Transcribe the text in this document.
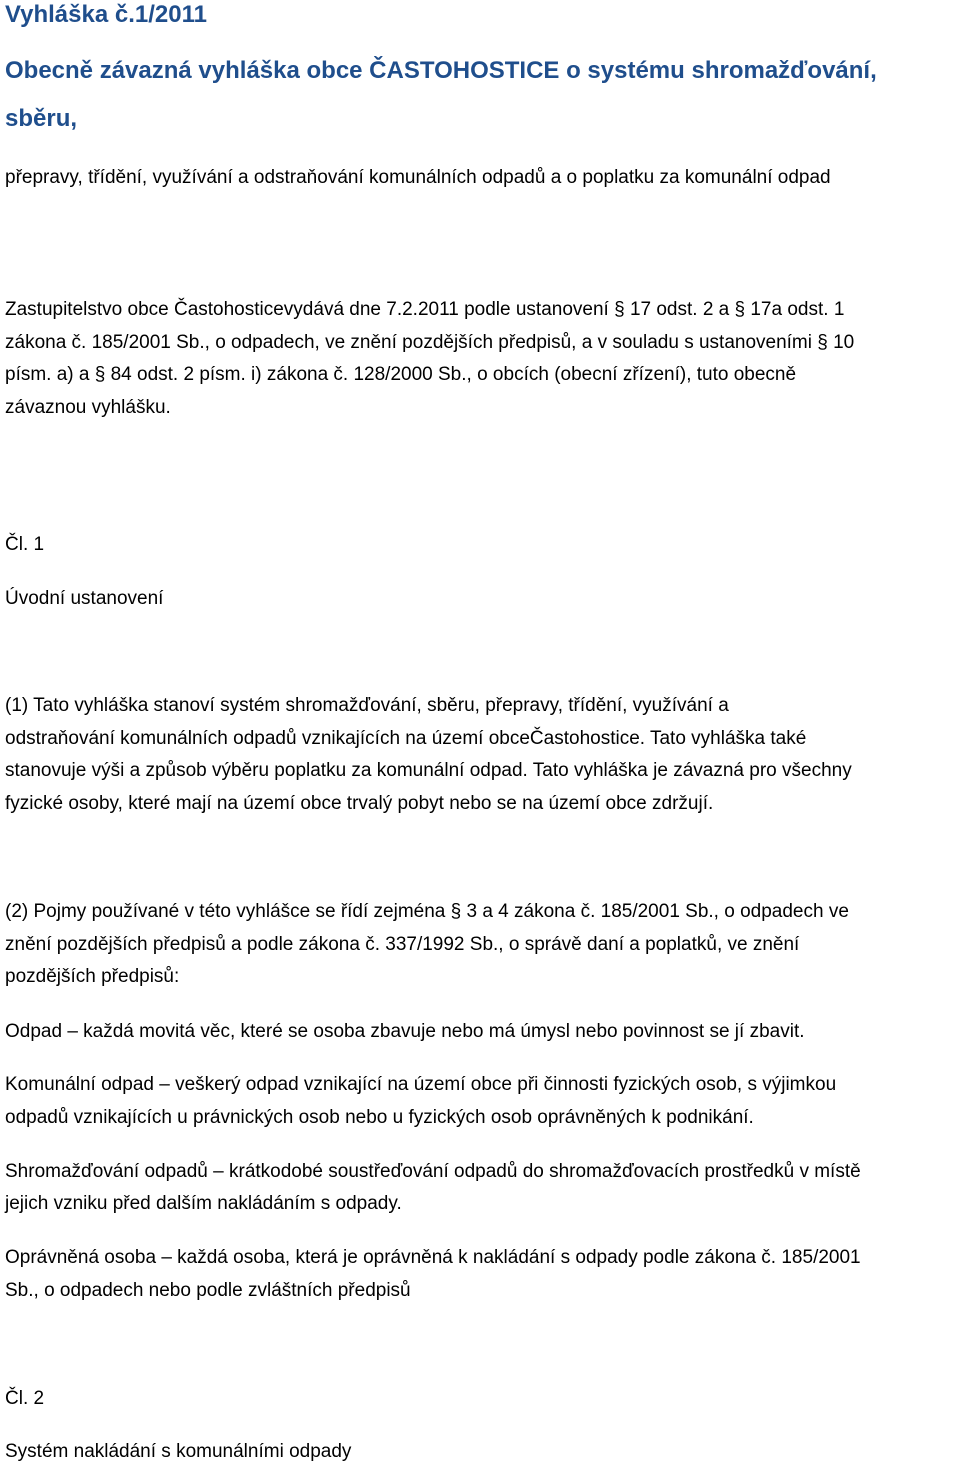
Vyhláška č.1/2011

Obecně závazná vyhláška obce ČASTOHOSTICE o systému shromažďování,

sběru,

přepravy, třídění, využívání a odstraňování komunálních odpadů a o poplatku za komunální odpad

Zastupitelstvo obce Častohosticevydává dne 7.2.2011 podle ustanovení § 17 odst. 2 a § 17a odst. 1

zákona č. 185/2001 Sb., o odpadech, ve znění pozdějších předpisů, a v souladu s ustanoveními § 10

písm. a) a § 84 odst. 2 písm. i) zákona č. 128/2000 Sb., o obcích (obecní zřízení), tuto obecně

závaznou vyhlášku.

Čl. 1

Úvodní ustanovení

(1) Tato vyhláška stanoví systém shromažďování, sběru, přepravy, třídění, využívání a

odstraňování komunálních odpadů vznikajících na území obceČastohostice. Tato vyhláška také

stanovuje výši a způsob výběru poplatku za komunální odpad. Tato vyhláška je závazná pro všechny

fyzické osoby, které mají na území obce trvalý pobyt nebo se na území obce zdržují.

(2) Pojmy používané v této vyhlášce se řídí zejména § 3 a 4 zákona č. 185/2001 Sb., o odpadech ve

znění pozdějších předpisů a podle zákona č. 337/1992 Sb., o správě daní a poplatků, ve znění

pozdějších předpisů:

Odpad – každá movitá věc, které se osoba zbavuje nebo má úmysl nebo povinnost se jí zbavit.

Komunální odpad – veškerý odpad vznikající na území obce při činnosti fyzických osob, s výjimkou

odpadů vznikajících u právnických osob nebo u fyzických osob oprávněných k podnikání.

Shromažďování odpadů – krátkodobé soustřeďování odpadů do shromažďovacích prostředků v místě

jejich vzniku před dalším nakládáním s odpady.

Oprávněná osoba – každá osoba, která je oprávněná k nakládání s odpady podle zákona č. 185/2001

Sb., o odpadech nebo podle zvláštních předpisů

Čl. 2

Systém nakládání s komunálními odpady
